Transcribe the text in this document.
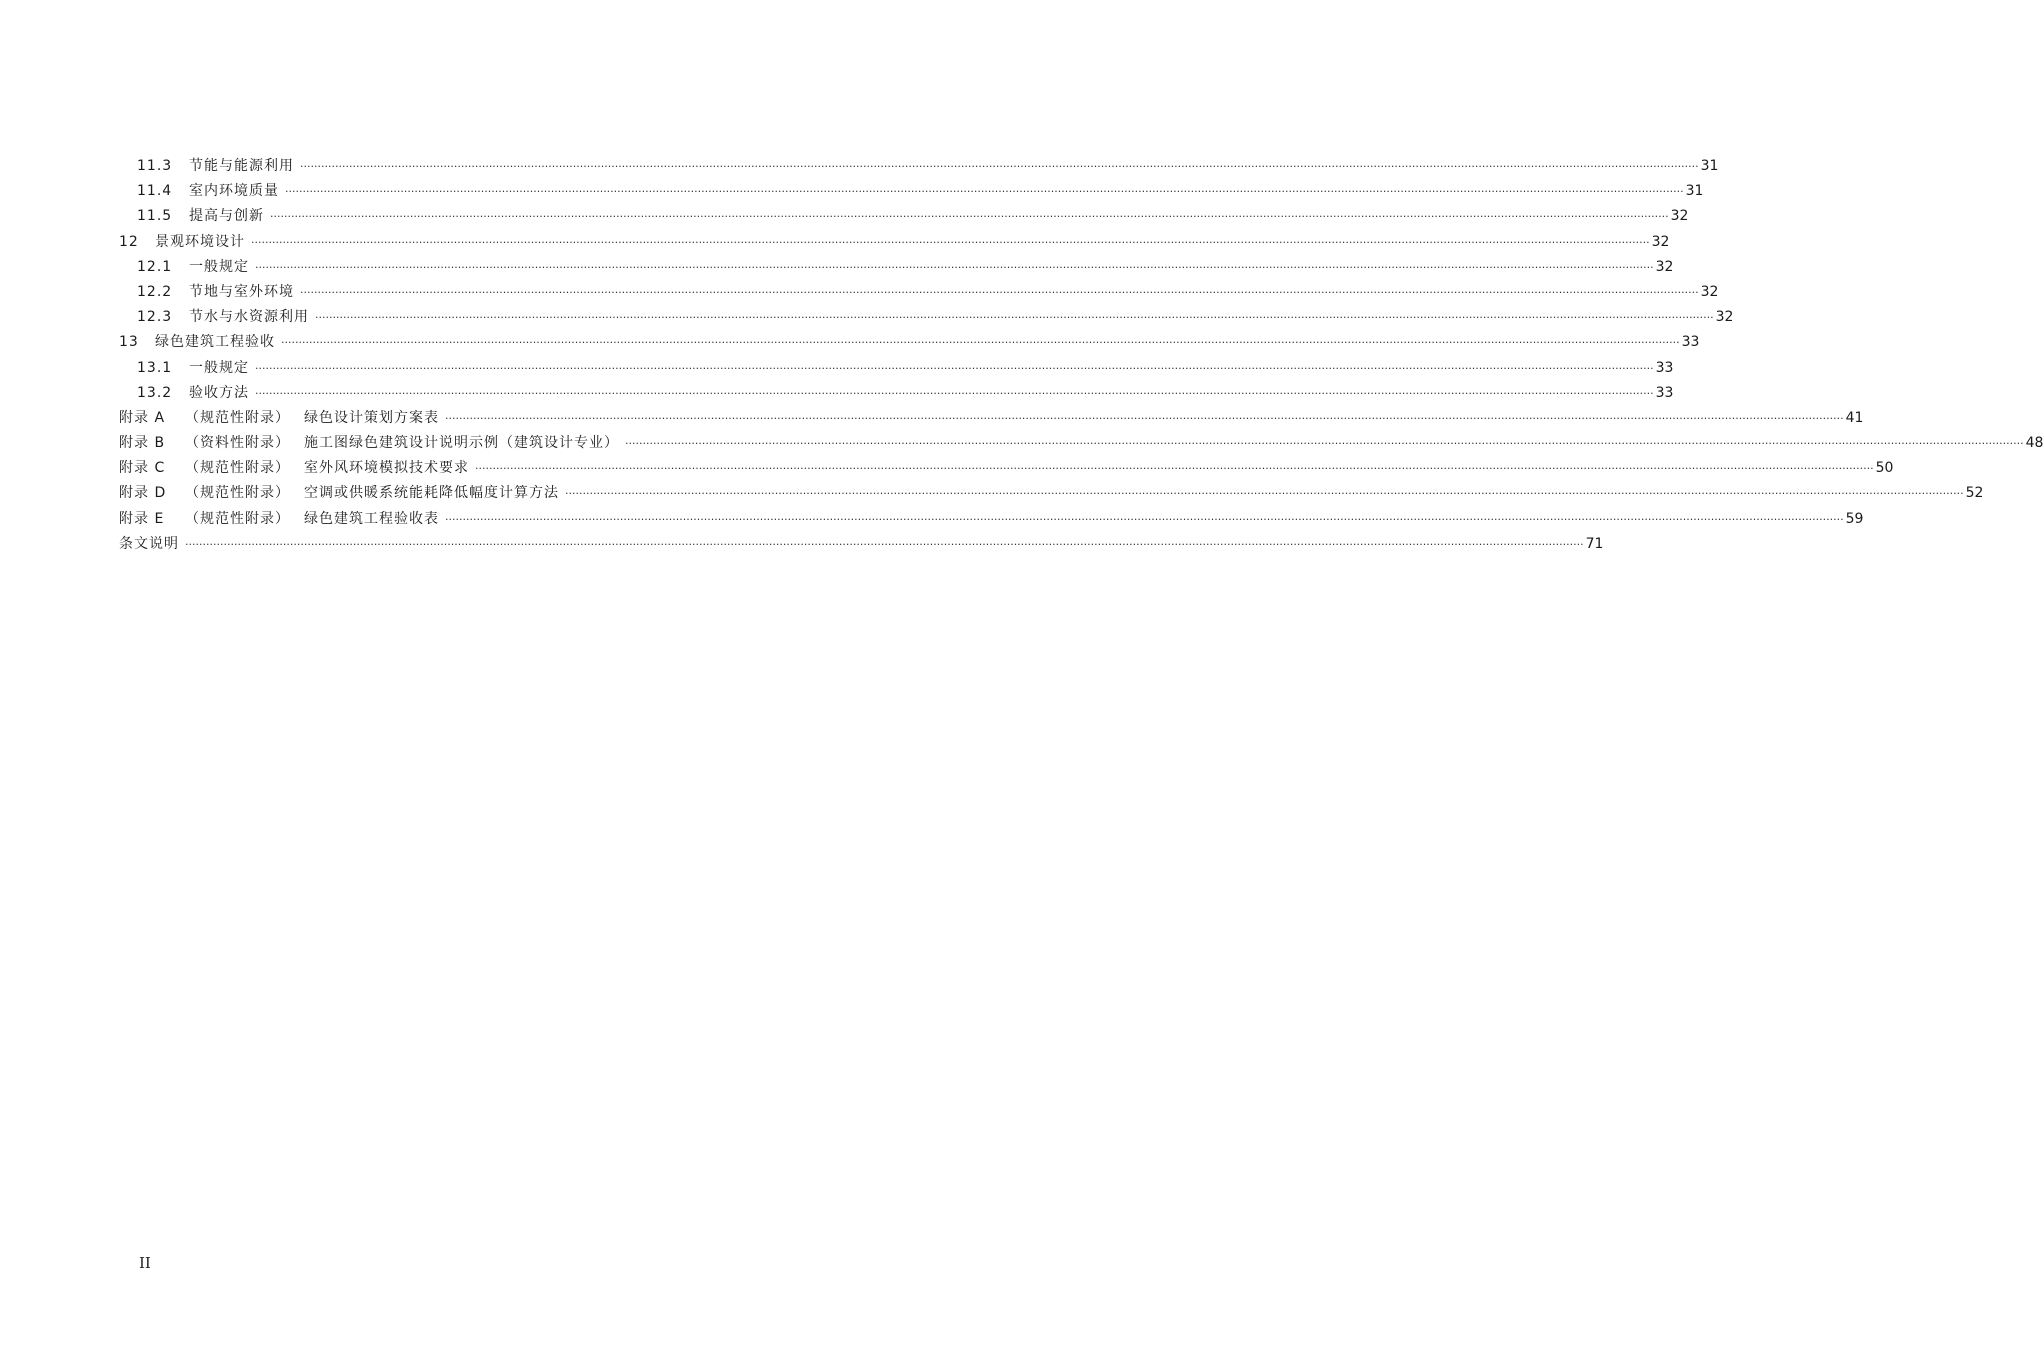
11.3	节能与能源利用 ················································································································································································································································································································································································································ 31
11.4	室内环境质量 ················································································································································································································································································································································································································ 31
11.5	提高与创新 ················································································································································································································································································································································································································ 32
12	景观环境设计 ················································································································································································································································································································································································································ 32
12.1	一般规定 ················································································································································································································································································································································································································ 32
12.2	节地与室外环境 ················································································································································································································································································································································································································ 32
12.3	节水与水资源利用 ················································································································································································································································································································································································································ 32
13	绿色建筑工程验收 ················································································································································································································································································································································································································ 33
13.1	一般规定 ················································································································································································································································································································································································································ 33
13.2	验收方法 ················································································································································································································································································································································································································ 33
附录 A	（规范性附录） 绿色设计策划方案表 ················································································································································································································································································································································································································ 41
附录 B	（资料性附录） 施工图绿色建筑设计说明示例（建筑设计专业） ················································································································································································································································································································································································································ 48
附录 C	（规范性附录） 室外风环境模拟技术要求 ················································································································································································································································································································································································································ 50
附录 D	（规范性附录） 空调或供暖系统能耗降低幅度计算方法 ················································································································································································································································································································································································································ 52
附录 E	（规范性附录） 绿色建筑工程验收表 ················································································································································································································································································································································································································ 59
条文说明 ················································································································································································································································································································································································································ 71
II
